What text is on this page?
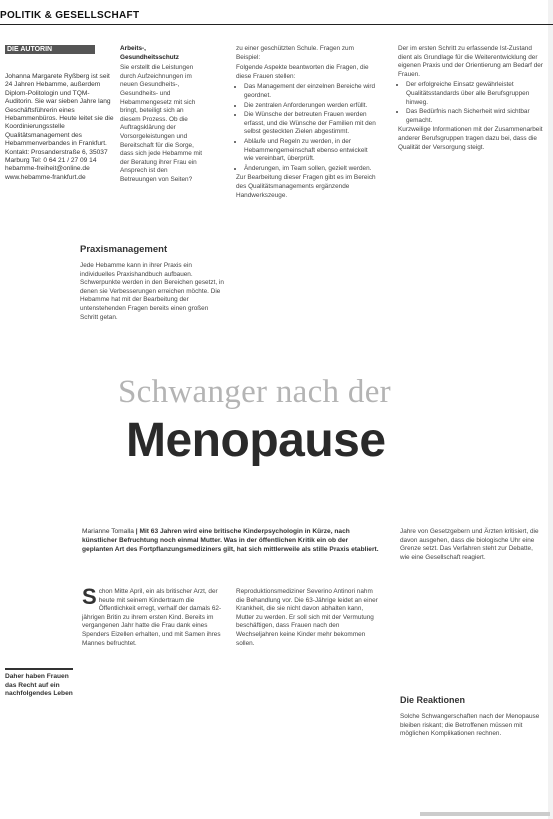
POLITIK & GESELLSCHAFT
DIE AUTORIN
Johanna Margarete Ryßberg ist seit 24 Jahren Hebamme, außerdem Diplom-Politologin und TQM-Auditorin. Sie war sieben Jahre lang Geschäftsführerin eines Hebammenbüros. Heute leitet sie die Koordinierungsstelle Qualitätsmanagement des Hebammenverbandes in Frankfurt.
Kontakt: Prosanderstraße 6, 35037 Marburg Tel: 0 64 21 / 27 09 14
hebamme-freiheit@online.de
www.hebamme-frankfurt.de

Arbeits-, Gesundheitsschutz

Sie erstellt die Leistungen durch Aufzeichnungen im neuen Gesundheits-, Gesundheits- und Hebammengesetz mit sich bringt, beteiligt sich an diesem Prozess. Ob die Auftragsklärung der Vorsorgeleistungen und Bereitschaft für die Sorge, dass sich jede Hebamme mit der Beratung ihrer Frau ein Ansprech ist den Betreuungen von Seiten?

zu einer geschützten Schule. Fragen zum Beispiel:

Folgende Aspekte beantworten die Fragen, die diese Frauen stellen:

• Das Management der einzelnen Bereiche wird geordnet.
• Die zentralen Anforderungen werden erfüllt.
• Die Wünsche der betreuten Frauen werden erfasst, und die Wünsche der Familien mit den selbst gesteckten Zielen abgestimmt.
• Abläufe und Regeln zu werden, in der Hebammengemeinschaft ebenso entwickelt wie vereinbart, überprüft.
• Änderungen, im Team sollen, gezielt werden.

Zur Bearbeitung dieser Fragen gibt es im Bereich des Qualitätsmanagements ergänzende Handwerkszeuge.

Der im ersten Schritt zu erfassende Ist-Zustand dient als Grundlage für die Weiterentwicklung der eigenen Praxis und der Orientierung am Bedarf der Frauen.

• Der erfolgreiche Einsatz gewährleistet Qualitätsstandards über alle Berufsgruppen hinweg.
• Das Bedürfnis nach Sicherheit wird sichtbar gemacht.

Kurzweilige Informationen mit der Zusammenarbeit anderer Berufsgruppen tragen dazu bei, dass die Qualität der Versorgung steigt.

Praxismanagement
Jede Hebamme kann in ihrer Praxis ein individuelles Praxishandbuch aufbauen. Schwerpunkte werden in den Bereichen gesetzt, in denen sie Verbesserungen erreichen möchte. Die Hebamme hat mit der Bearbeitung der untenstehenden Fragen bereits einen großen Schritt getan.
Schwanger nach der
Menopause
Marianne Tomalla | Mit 63 Jahren wird eine britische Kinderpsychologin in Kürze, nach künstlicher Befruchtung noch einmal Mutter. Was in der öffentlichen Kritik ein ob der geplanten Art des Fortpflanzungsmediziners gilt, hat sich mittlerweile als stille Praxis etabliert.
Daher haben Frauen das Recht auf ein nachfolgendes Leben
S chon Mitte April, ein als britischer Arzt, der heute mit seinem Kindertraum die Öffentlichkeit erregt, verhalf der damals 62-jährigen Britin zu ihrem ersten Kind. Bereits im vergangenen Jahr hatte die Frau dank eines Spenders Eizellen erhalten, und mit Samen ihres Mannes befruchtet.
Reproduktionsmediziner Severino Antinori nahm die Behandlung vor. Die 63-Jährige leidet an einer Krankheit, die sie nicht davon abhalten kann, Mutter zu werden. Er soll sich mit der Vermutung beschäftigen, dass Frauen nach den Wechseljahren keine Kinder mehr bekommen sollen.
Jahre von Gesetzgebern und Ärzten kritisiert, die davon ausgehen, dass die biologische Uhr eine Grenze setzt. Das Verfahren steht zur Debatte, wie eine Gesellschaft reagiert.
Die Reaktionen
Solche Schwangerschaften nach der Menopause bleiben riskant; die Betroffenen müssen mit möglichen Komplikationen rechnen.
